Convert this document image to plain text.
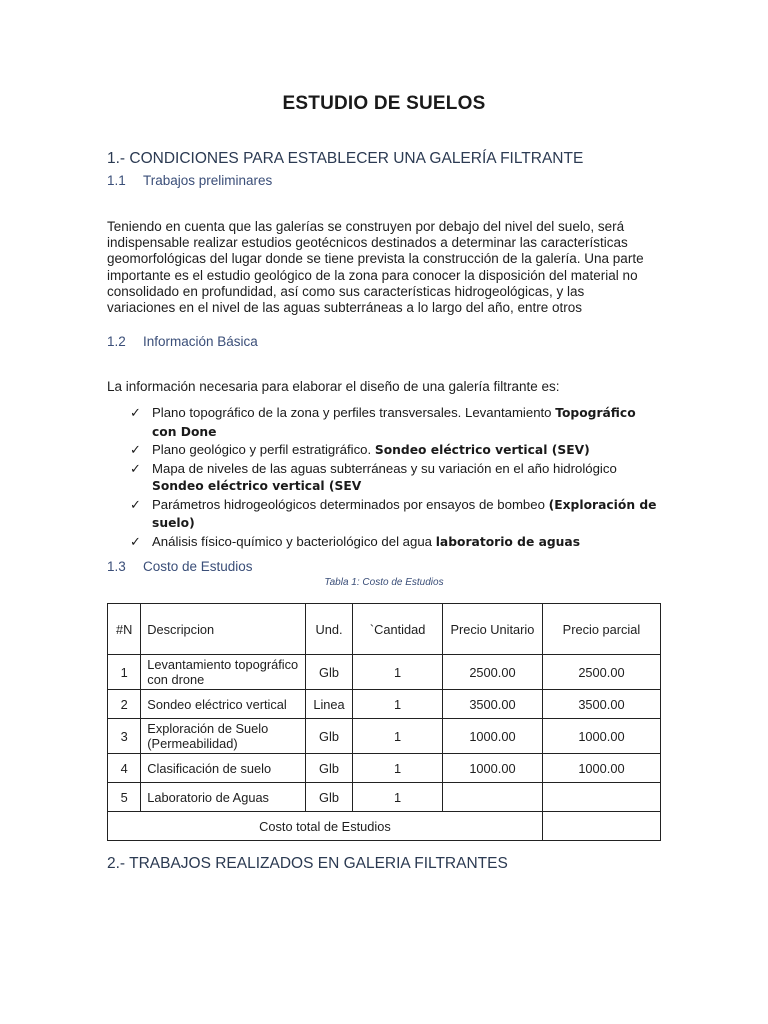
ESTUDIO DE SUELOS
1.- CONDICIONES PARA ESTABLECER UNA GALERÍA FILTRANTE
1.1 Trabajos preliminares
Teniendo en cuenta que las galerías se construyen por debajo del nivel del suelo, será
indispensable realizar estudios geotécnicos destinados a determinar las características
geomorfológicas del lugar donde se tiene prevista la construcción de la galería. Una parte
importante es el estudio geológico de la zona para conocer la disposición del material no
consolidado en profundidad, así como sus características hidrogeológicas, y las
variaciones en el nivel de las aguas subterráneas a lo largo del año, entre otros
1.2 Información Básica
La información necesaria para elaborar el diseño de una galería filtrante es:
✓ Plano topográfico de la zona y perfiles transversales. Levantamiento Topográfico con Done
✓ Plano geológico y perfil estratigráfico. Sondeo eléctrico vertical (SEV)
✓ Mapa de niveles de las aguas subterráneas y su variación en el año hidrológico Sondeo eléctrico vertical (SEV
✓ Parámetros hidrogeológicos determinados por ensayos de bombeo (Exploración de suelo)
✓ Análisis físico-químico y bacteriológico del agua laboratorio de aguas
1.3 Costo de Estudios
Tabla 1: Costo de Estudios
#N	Descripcion	Und.	`Cantidad	Precio Unitario	Precio parcial
1	Levantamiento topográfico con drone	Glb	1	2500.00	2500.00
2	Sondeo eléctrico vertical	Linea	1	3500.00	3500.00
3	Exploración de Suelo (Permeabilidad)	Glb	1	1000.00	1000.00
4	Clasificación de suelo	Glb	1	1000.00	1000.00
5	Laboratorio de Aguas	Glb	1		
Costo total de Estudios					
2.- TRABAJOS REALIZADOS EN GALERIA FILTRANTES
